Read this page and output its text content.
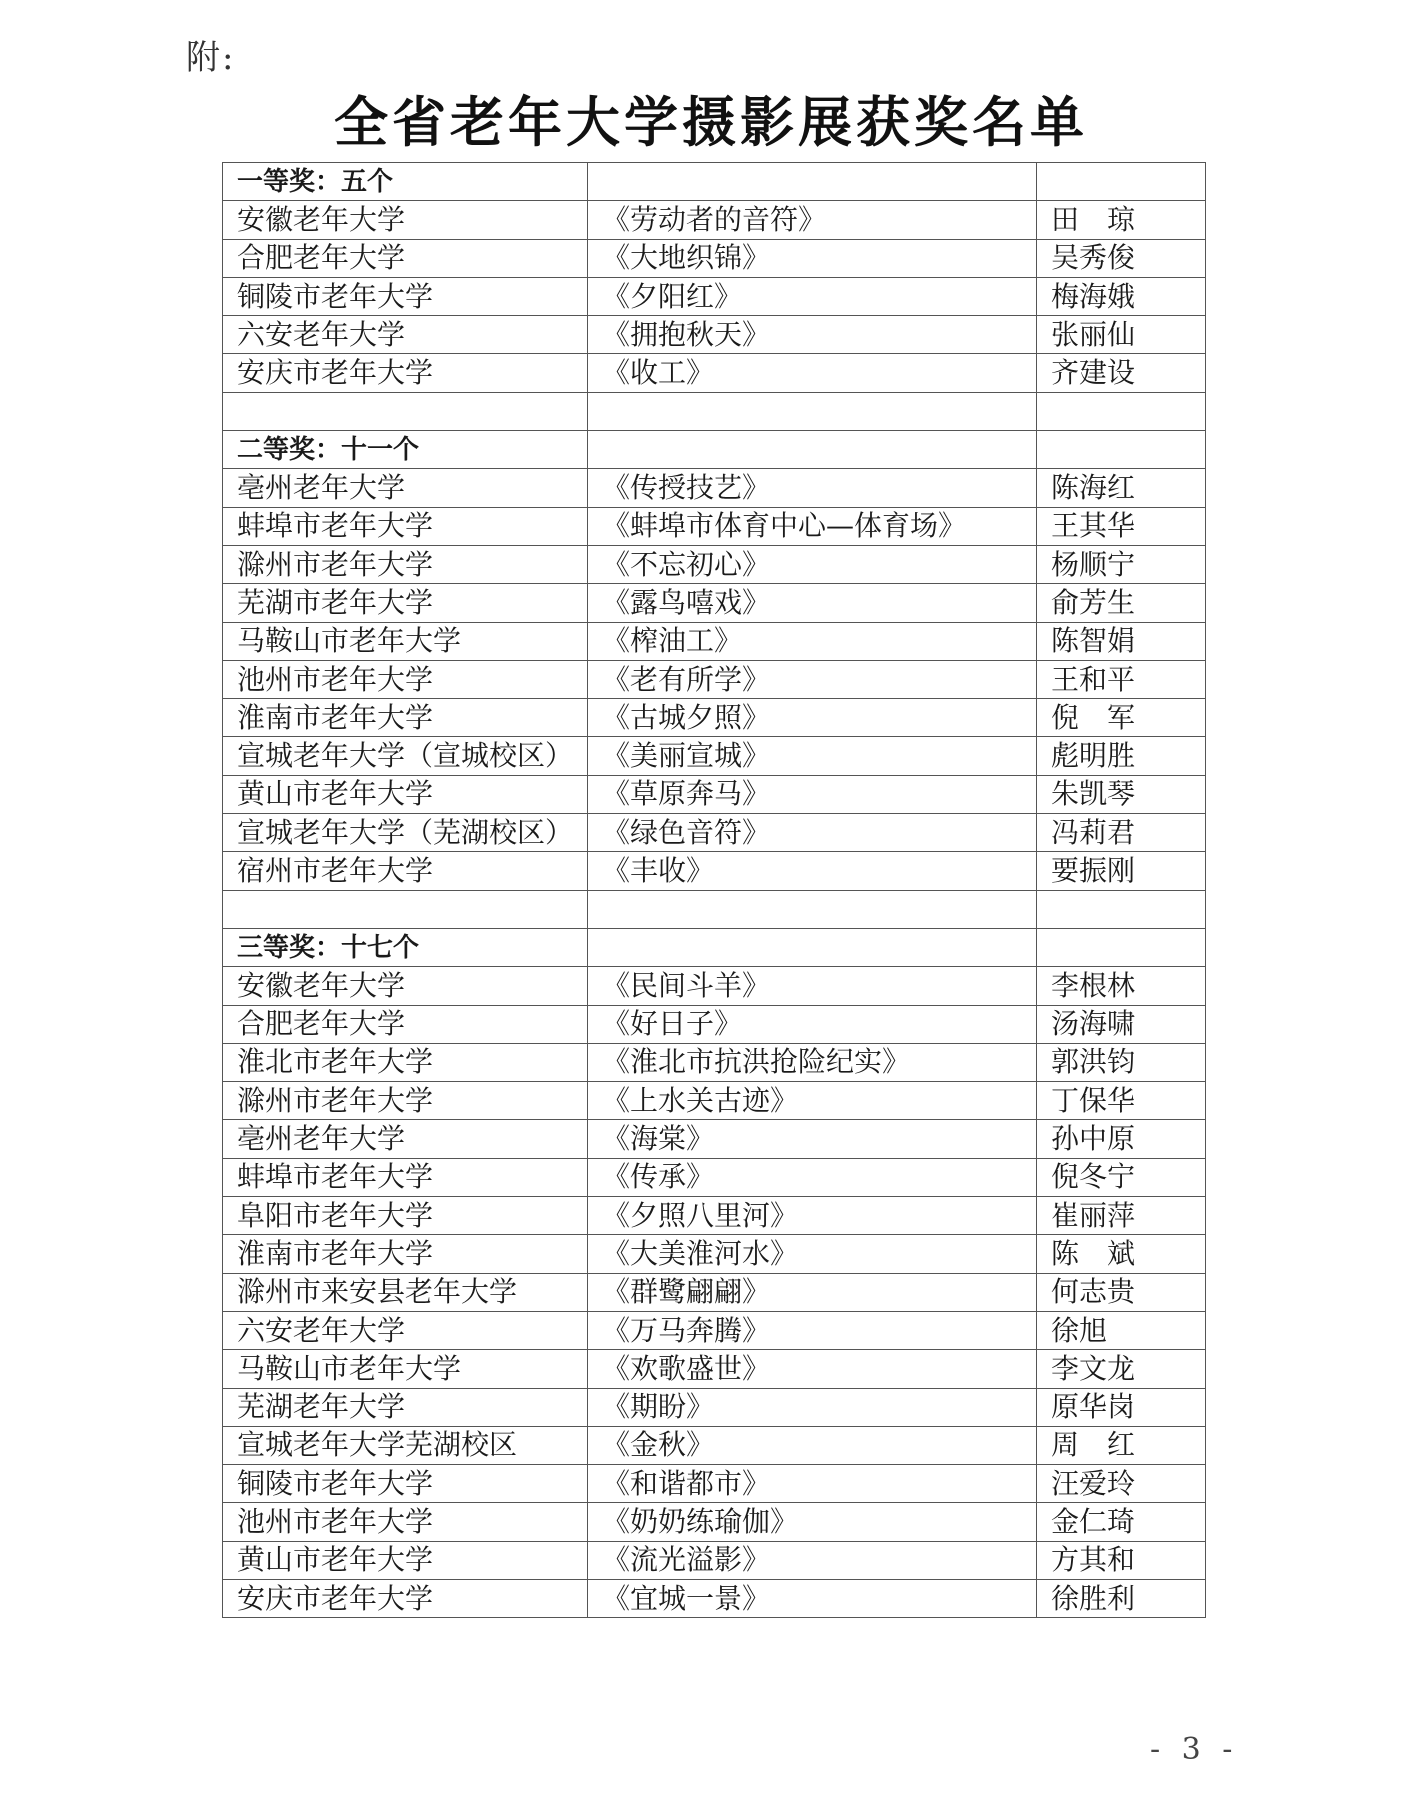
附:
全省老年大学摄影展获奖名单
一等奖：五个		
安徽老年大学	《劳动者的音符》	田　琼
合肥老年大学	《大地织锦》	吴秀俊
铜陵市老年大学	《夕阳红》	梅海娥
六安老年大学	《拥抱秋天》	张丽仙
安庆市老年大学	《收工》	齐建设

二等奖：十一个		
亳州老年大学	《传授技艺》	陈海红
蚌埠市老年大学	《蚌埠市体育中心—体育场》	王其华
滁州市老年大学	《不忘初心》	杨顺宁
芜湖市老年大学	《露鸟嘻戏》	俞芳生
马鞍山市老年大学	《榨油工》	陈智娟
池州市老年大学	《老有所学》	王和平
淮南市老年大学	《古城夕照》	倪　军
宣城老年大学（宣城校区）	《美丽宣城》	彪明胜
黄山市老年大学	《草原奔马》	朱凯琴
宣城老年大学（芜湖校区）	《绿色音符》	冯莉君
宿州市老年大学	《丰收》	要振刚

三等奖：十七个		
安徽老年大学	《民间斗羊》	李根林
合肥老年大学	《好日子》	汤海啸
淮北市老年大学	《淮北市抗洪抢险纪实》	郭洪钧
滁州市老年大学	《上水关古迹》	丁保华
亳州老年大学	《海棠》	孙中原
蚌埠市老年大学	《传承》	倪冬宁
阜阳市老年大学	《夕照八里河》	崔丽萍
淮南市老年大学	《大美淮河水》	陈　斌
滁州市来安县老年大学	《群鹭翩翩》	何志贵
六安老年大学	《万马奔腾》	徐旭
马鞍山市老年大学	《欢歌盛世》	李文龙
芜湖老年大学	《期盼》	原华岗
宣城老年大学芜湖校区	《金秋》	周　红
铜陵市老年大学	《和谐都市》	汪爱玲
池州市老年大学	《奶奶练瑜伽》	金仁琦
黄山市老年大学	《流光溢影》	方其和
安庆市老年大学	《宜城一景》	徐胜利
- 3 -
